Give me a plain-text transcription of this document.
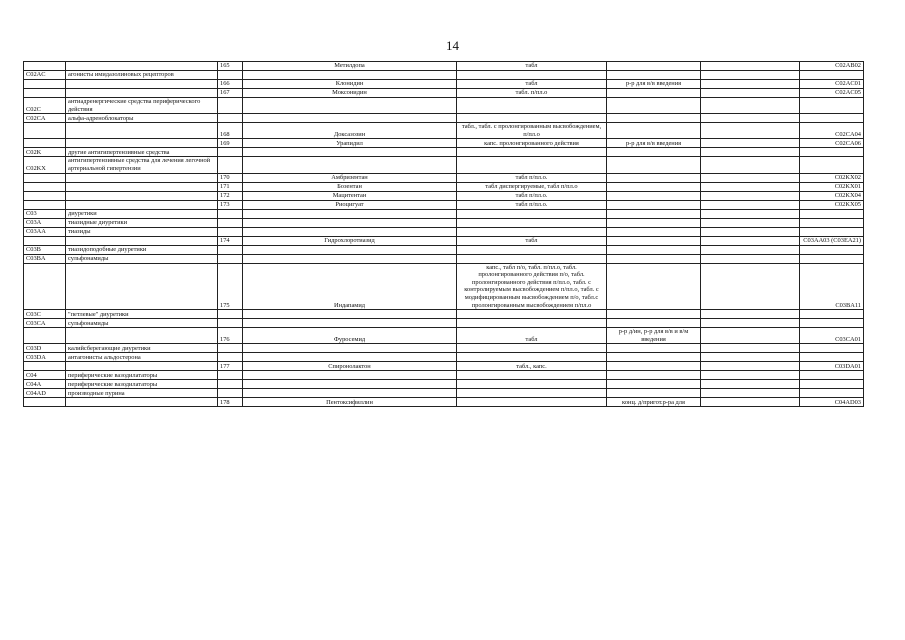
14
		165	Метилдопа	табл			C02AB02
C02AC	агонисты имидазолиновых рецепторов						
		166	Клонидин	табл	р-р для в/в введения		C02AC01
		167	Моксонидин	табл. п/пл.о			C02AC05
C02C	антиадренергические средства периферического действия						
C02CA	альфа-адреноблокаторы						
		168	Доксазозин	табл., табл. с пролонгированным высвобождением, п/пл.о			C02CA04
		169	Урапидил	капс. пролонгированного действия	р-р для в/в введения		C02CA06
C02K	другие антигипертензивные средства						
C02KX	антигипертензивные средства для лечения легочной артериальной гипертензии						
		170	Амбризентан	табл п/пл.о.			C02KX02
		171	Бозентан	табл диспергируемые, табл п/пл.о			C02KX01
		172	Мацитентан	табл п/пл.о.			C02KX04
		173	Риоцигуат	табл п/пл.о.			C02KX05
C03	диуретики						
C03A	тиазидные диуретики						
C03AA	тиазиды						
		174	Гидрохлоротиазид	табл			C03AA03 (C03EA21)
C03B	тиазидоподобные диуретики						
C03BA	сульфонамиды						
		175	Индапамид	капс., табл п/о, табл. п/пл.о, табл. пролонгированного действия п/о, табл. пролонгированного действия п/пл.о, табл. с контролируемым высвобождением п/пл.о, табл. с модифицированным высвобождением п/о, табл.с пролонгированным высвобождением п/пл.о			C03BA11
C03C	"петлевые" диуретики						
C03CA	сульфонамиды						
		176	Фуросемид	табл	р-р д/ин, р-р для в/в и в/м введения		C03CA01
C03D	калийсберегающие диуретики						
C03DA	антагонисты альдостерона						
		177	Спиронолактон	табл., капс.			C03DA01
C04	периферические вазодилататоры						
C04A	периферические вазодилататоры						
C04AD	производные пурина						
		178	Пентоксифиллин		конц. д/пригот.р-ра для		C04AD03
